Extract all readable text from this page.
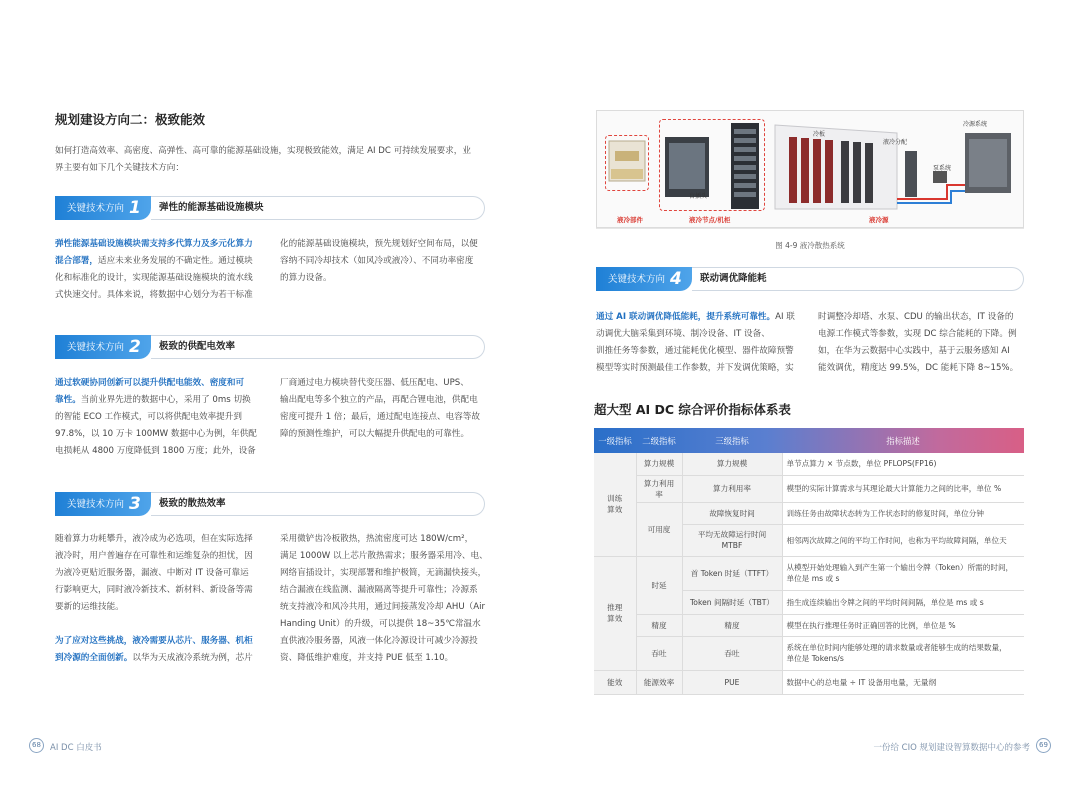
规划建设方向二：极致能效
如何打造高效率、高密度、高弹性、高可靠的能源基础设施，实现极致能效，满足 AI DC 可持续发展要求，业
界主要有如下几个关键技术方向：
关键技术方向 1	弹性的能源基础设施模块
弹性能源基础设施模块需支持多代算力及多元化算力
混合部署，适应未来业务发展的不确定性。通过模块
化和标准化的设计，实现能源基础设施模块的流水线
式快速交付。具体来说，将数据中心划分为若干标准
化的能源基础设施模块，预先规划好空间布局，以便
容纳不同冷却技术（如风冷或液冷）、不同功率密度
的算力设备。
关键技术方向 2	极致的供配电效率
通过软硬协同创新可以提升供配电能效、密度和可
靠性。当前业界先进的数据中心，采用了 0ms 切换
的智能 ECO 工作模式，可以将供配电效率提升到
97.8%，以 10 万卡 100MW 数据中心为例，年供配
电损耗从 4800 万度降低到 1800 万度；此外，设备
厂商通过电力模块替代变压器、低压配电、UPS、
输出配电等多个独立的产品，再配合锂电池，供配电
密度可提升 1 倍；最后，通过配电连接点、电容等故
障的预测性维护，可以大幅提升供配电的可靠性。
关键技术方向 3	极致的散热效率
随着算力功耗攀升，液冷成为必选项，但在实际选择
液冷时，用户普遍存在可靠性和运维复杂的担忧，因
为液冷更贴近服务器，漏液、中断对 IT 设备可靠运
行影响更大，同时液冷新技术、新材料、新设备等需
要新的运维技能。
为了应对这些挑战，液冷需要从芯片、服务器、机柜
到冷源的全面创新。以华为天成液冷系统为例，芯片
采用微铲齿冷板散热，热流密度可达 180W/cm²，
满足 1000W 以上芯片散热需求；服务器采用冷、电、
网络盲插设计，实现部署和维护极简，无滴漏快接头，
结合漏液在线监测、漏液隔离等提升可靠性；冷源系
统支持液冷和风冷共用，通过间接蒸发冷却 AHU（Air
Handing Unit）的升级，可以提供 18~35℃常温水
直供液冷服务器，风液一体化冷源设计可减少冷源投
资、降低维护难度，并支持 PUE 低至 1.10。
冷板
液冷分配
冷源系统
泵系统
盲插头
液冷部件	液冷节点/机柜	液冷源
图 4-9 液冷散热系统
关键技术方向 4	联动调优降能耗
通过 AI 联动调优降低能耗，提升系统可靠性。AI 联
动调优大脑采集到环境、制冷设备、IT 设备、
训推任务等参数，通过能耗优化模型、器件故障预警
模型等实时预测最佳工作参数，并下发调优策略，实
时调整冷却塔、水泵、CDU 的输出状态，IT 设备的
电源工作模式等参数，实现 DC 综合能耗的下降。例
如，在华为云数据中心实践中，基于云服务感知 AI
能效调优，精度达 99.5%，DC 能耗下降 8~15%。
超大型 AI DC 综合评价指标体系表
一级指标	二级指标	三级指标	指标描述
训练
算效	算力规模	算力规模	单节点算力 × 节点数，单位 PFLOPS(FP16)
	算力利用率	算力利用率	模型的实际计算需求与其理论最大计算能力之间的比率，单位 %
	可用度	故障恢复时间	训练任务由故障状态转为工作状态时的修复时间，单位分钟
		平均无故障运行时间
MTBF	相邻两次故障之间的平均工作时间，也称为平均故障间隔，单位天
推理
算效	时延	首 Token 时延（TTFT）	从模型开始处理输入到产生第一个输出令牌（Token）所需的时间，
单位是 ms 或 s
		Token 间隔时延（TBT）	指生成连续输出令牌之间的平均时间间隔，单位是 ms 或 s
	精度	精度	模型在执行推理任务时正确回答的比例，单位是 %
	吞吐	吞吐	系统在单位时间内能够处理的请求数量或者能够生成的结果数量，
单位是 Tokens/s

能效	能源效率	PUE	数据中心的总电量 ÷ IT 设备用电量，无量纲
68	AI DC 白皮书	一份给 CIO 规划建设智算数据中心的参考	69
